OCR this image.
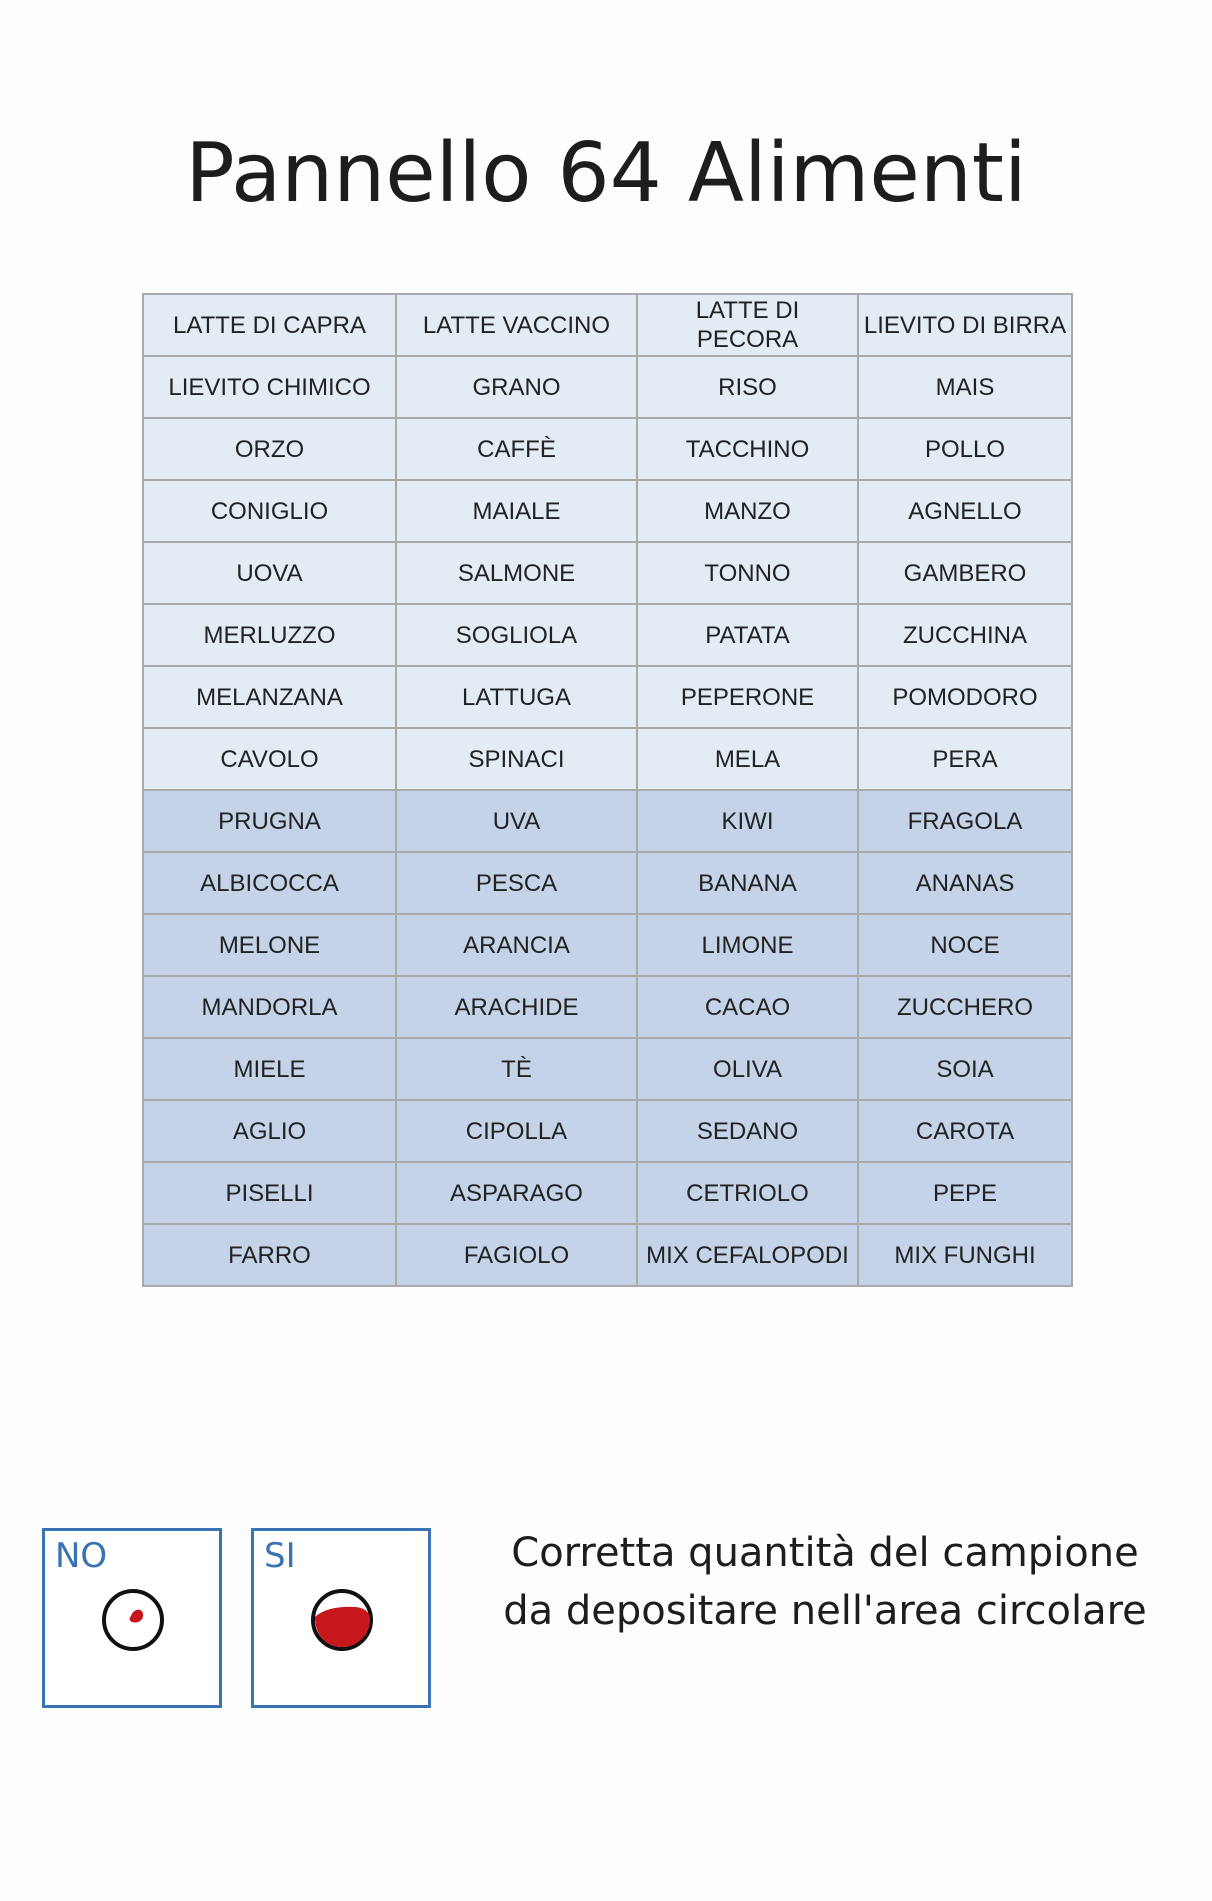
Pannello 64 Alimenti
LATTE DI CAPRA	LATTE VACCINO	LATTE DI PECORA	LIEVITO DI BIRRA
LIEVITO CHIMICO	GRANO	RISO	MAIS
ORZO	CAFFÈ	TACCHINO	POLLO
CONIGLIO	MAIALE	MANZO	AGNELLO
UOVA	SALMONE	TONNO	GAMBERO
MERLUZZO	SOGLIOLA	PATATA	ZUCCHINA
MELANZANA	LATTUGA	PEPERONE	POMODORO
CAVOLO	SPINACI	MELA	PERA
PRUGNA	UVA	KIWI	FRAGOLA
ALBICOCCA	PESCA	BANANA	ANANAS
MELONE	ARANCIA	LIMONE	NOCE
MANDORLA	ARACHIDE	CACAO	ZUCCHERO
MIELE	TÈ	OLIVA	SOIA
AGLIO	CIPOLLA	SEDANO	CAROTA
PISELLI	ASPARAGO	CETRIOLO	PEPE
FARRO	FAGIOLO	MIX CEFALOPODI	MIX FUNGHI
NO	SI	Corretta quantità del campione
da depositare nell'area circolare
